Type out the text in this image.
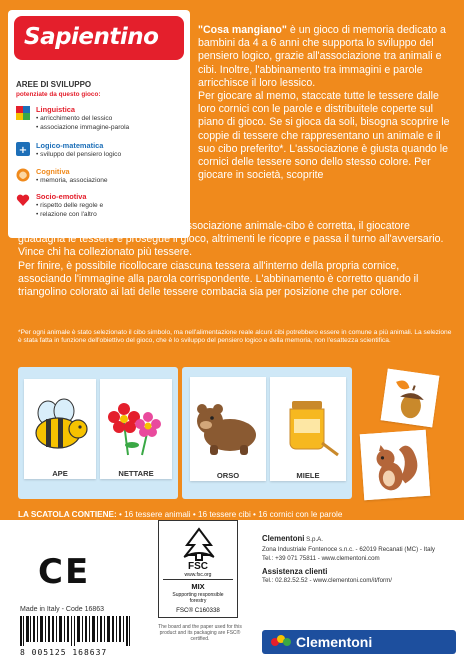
Sapientino
AREE DI SVILUPPO
potenziate da questo gioco:
Linguistica
• arricchimento del lessico
• associazione immagine-parola
+ Logico-matematica
• sviluppo del pensiero logico
Cognitiva
• memoria, associazione
Socio-emotiva
• rispetto delle regole e
• relazione con l'altro

"Cosa mangiano" è un gioco di memoria dedicato a bambini da 4 a 6 anni che supporta lo sviluppo del pensiero logico, grazie all'associazione tra animali e cibi. Inoltre, l'abbinamento tra immagini e parole arricchisce il loro lessico.

Per giocare al memo, staccate tutte le tessere dalle loro cornici con le parole e distribuitele coperte sul piano di gioco. Se si gioca da soli, bisogna scoprire le coppie di tessere che rappresentano un animale e il suo cibo preferito*. L'associazione è giusta quando le cornici delle tessere sono dello stesso colore. Per giocare in società, scoprite

una coppia di tessere a turno. Se l'associazione animale-cibo è corretta, il giocatore guadagna le tessere e prosegue il gioco, altrimenti le ricopre e passa il turno all'avversario. Vince chi ha collezionato più tessere.

Per finire, è possibile ricollocare ciascuna tessera all'interno della propria cornice, associando l'immagine alla parola corrispondente. L'abbinamento è corretto quando il triangolino colorato ai lati delle tessere combacia sia per posizione che per colore.

*Per ogni animale è stato selezionato il cibo simbolo, ma nell'alimentazione reale alcuni cibi potrebbero essere in comune a più animali. La selezione è stata fatta in funzione dell'obiettivo del gioco, che è lo sviluppo del pensiero logico e della memoria, non l'esattezza scientifica.
APE	NETTARE	ORSO	MIELE
LA SCATOLA CONTIENE: • 16 tessere animali • 16 tessere cibi • 16 cornici con le parole
CE
Made in Italy - Code 16863
8 005125 168637
FSC
www.fsc.org
MIX
Supporting responsible forestry
FSC® C160338
The board and the paper used for this product and its packaging are FSC® certified.
Clementoni S.p.A.
Zona Industriale Fontenoce s.n.c. - 62019 Recanati (MC) - Italy
Tel.: +39 071 75811 - www.clementoni.com
Assistenza clienti
Tel.: 02.82.52.52 - www.clementoni.com/it/form/
Clementoni
